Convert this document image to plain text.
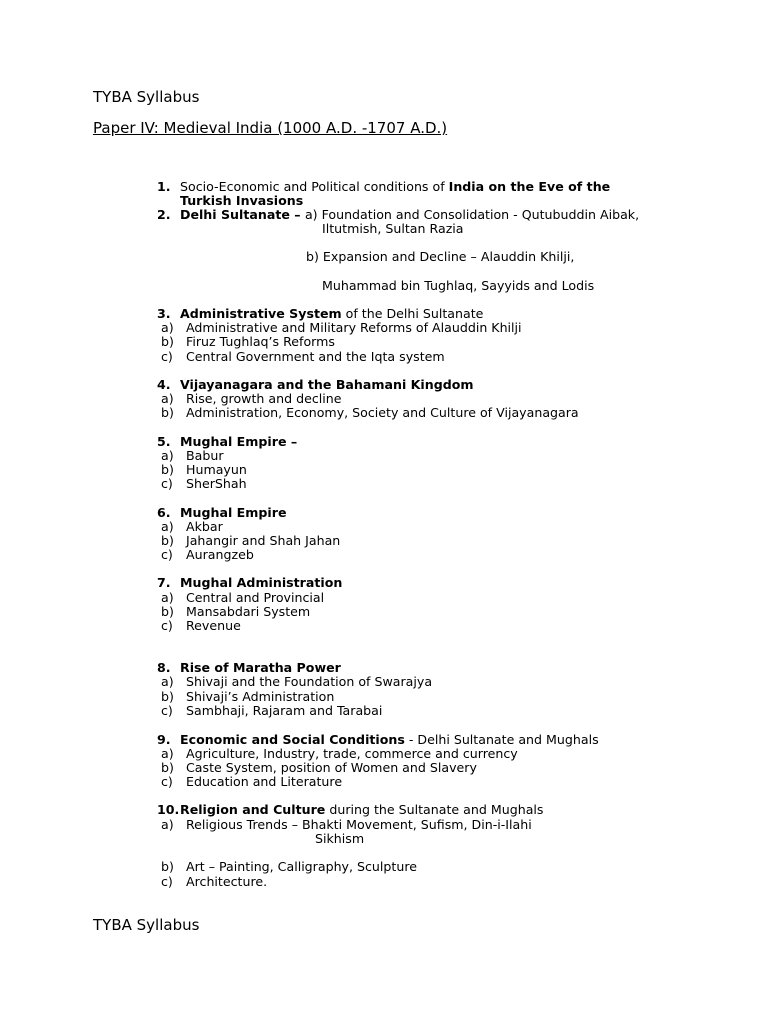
TYBA Syllabus
Paper IV: Medieval India (1000 A.D. -1707 A.D.)
1. Socio-Economic and Political conditions of India on the Eve of the
Turkish Invasions
2. Delhi Sultanate – a) Foundation and Consolidation - Qutubuddin Aibak,
Iltutmish, Sultan Razia
b) Expansion and Decline – Alauddin Khilji,
Muhammad bin Tughlaq, Sayyids and Lodis
3. Administrative System of the Delhi Sultanate
a) Administrative and Military Reforms of Alauddin Khilji
b) Firuz Tughlaq’s Reforms
c) Central Government and the Iqta system
4. Vijayanagara and the Bahamani Kingdom
a) Rise, growth and decline
b) Administration, Economy, Society and Culture of Vijayanagara
5. Mughal Empire –
a) Babur
b) Humayun
c) SherShah
6. Mughal Empire
a) Akbar
b) Jahangir and Shah Jahan
c) Aurangzeb
7. Mughal Administration
a) Central and Provincial
b) Mansabdari System
c) Revenue
8. Rise of Maratha Power
a) Shivaji and the Foundation of Swarajya
b) Shivaji’s Administration
c) Sambhaji, Rajaram and Tarabai
9. Economic and Social Conditions - Delhi Sultanate and Mughals
a) Agriculture, Industry, trade, commerce and currency
b) Caste System, position of Women and Slavery
c) Education and Literature
10. Religion and Culture during the Sultanate and Mughals
a) Religious Trends – Bhakti Movement, Sufism, Din-i-Ilahi
Sikhism
b) Art – Painting, Calligraphy, Sculpture
c) Architecture.
TYBA Syllabus
